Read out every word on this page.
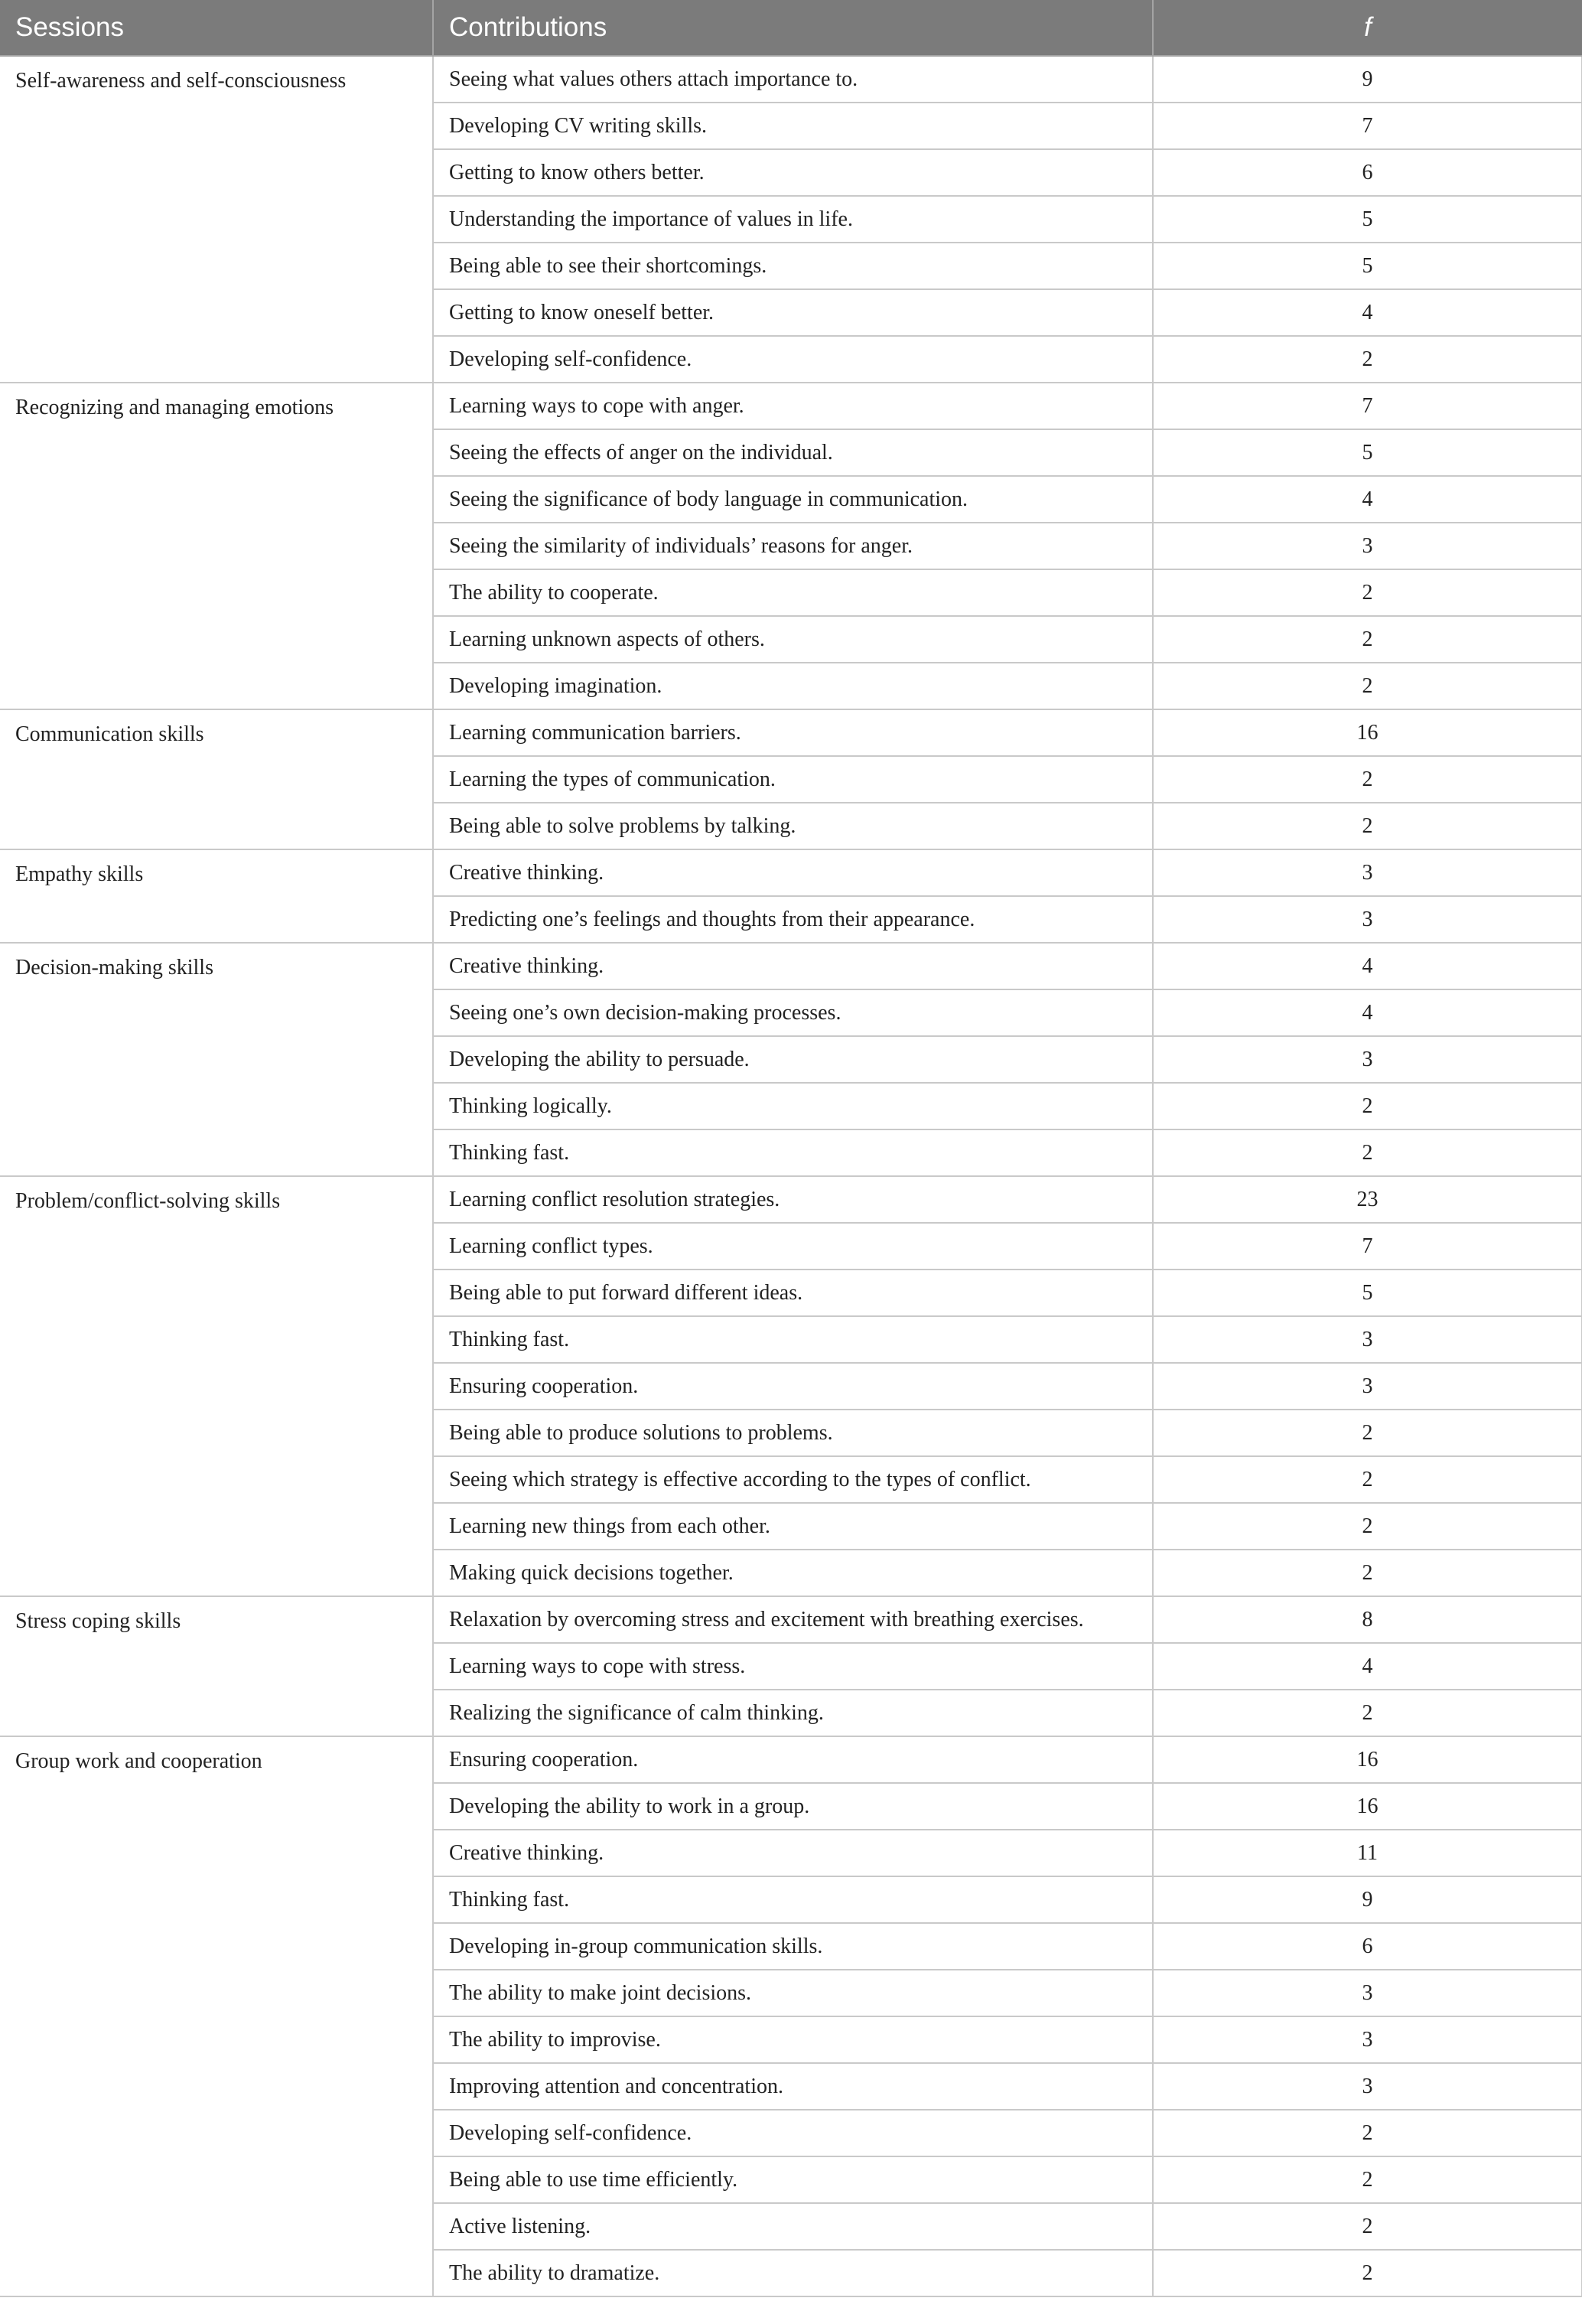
Sessions	Contributions	f
Self-awareness and self-consciousness	Seeing what values others attach importance to.	9
	Developing CV writing skills.	7
	Getting to know others better.	6
	Understanding the importance of values in life.	5
	Being able to see their shortcomings.	5
	Getting to know oneself better.	4
	Developing self-confidence.	2
Recognizing and managing emotions	Learning ways to cope with anger.	7
	Seeing the effects of anger on the individual.	5
	Seeing the significance of body language in communication.	4
	Seeing the similarity of individuals’ reasons for anger.	3
	The ability to cooperate.	2
	Learning unknown aspects of others.	2
	Developing imagination.	2
Communication skills	Learning communication barriers.	16
	Learning the types of communication.	2
	Being able to solve problems by talking.	2
Empathy skills	Creative thinking.	3
	Predicting one’s feelings and thoughts from their appearance.	3
Decision-making skills	Creative thinking.	4
	Seeing one’s own decision-making processes.	4
	Developing the ability to persuade.	3
	Thinking logically.	2
	Thinking fast.	2
Problem/conflict-solving skills	Learning conflict resolution strategies.	23
	Learning conflict types.	7
	Being able to put forward different ideas.	5
	Thinking fast.	3
	Ensuring cooperation.	3
	Being able to produce solutions to problems.	2
	Seeing which strategy is effective according to the types of conflict.	2
	Learning new things from each other.	2
	Making quick decisions together.	2
Stress coping skills	Relaxation by overcoming stress and excitement with breathing exercises.	8
	Learning ways to cope with stress.	4
	Realizing the significance of calm thinking.	2
Group work and cooperation	Ensuring cooperation.	16
	Developing the ability to work in a group.	16
	Creative thinking.	11
	Thinking fast.	9
	Developing in-group communication skills.	6
	The ability to make joint decisions.	3
	The ability to improvise.	3
	Improving attention and concentration.	3
	Developing self-confidence.	2
	Being able to use time efficiently.	2
	Active listening.	2
	The ability to dramatize.	2
